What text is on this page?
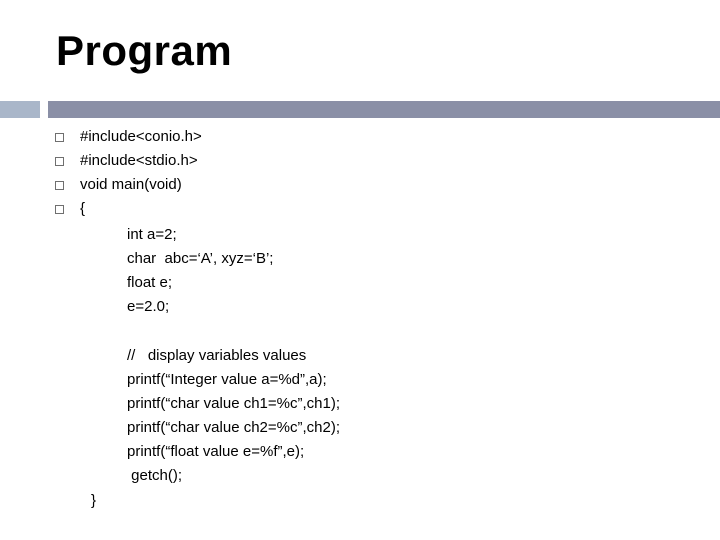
Program
#include<conio.h>
#include<stdio.h>
void main(void)
{
int a=2;
char  abc=‘A’, xyz=‘B’;
float e;
e=2.0;
//   display variables values
printf(“Integer value a=%d”,a);
printf(“char value ch1=%c”,ch1);
printf(“char value ch2=%c”,ch2);
printf(“float value e=%f”,e);
getch();
}
